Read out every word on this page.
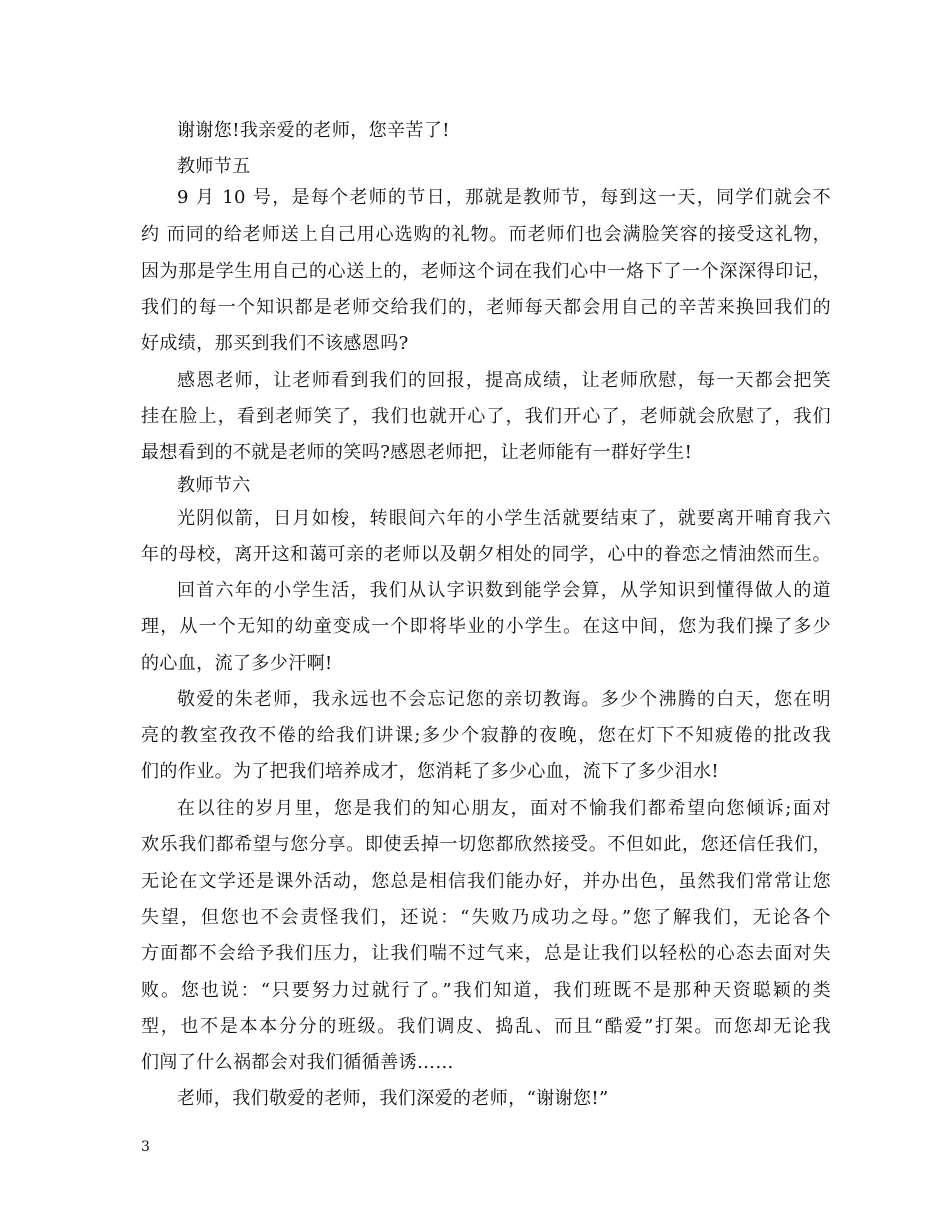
谢谢您!我亲爱的老师，您辛苦了!
教师节五
9 月 10 号，是每个老师的节日，那就是教师节，每到这一天，同学们就会不
约 而同的给老师送上自己用心选购的礼物。而老师们也会满脸笑容的接受这礼物，
因为那是学生用自己的心送上的，老师这个词在我们心中一烙下了一个深深得印记，
我们的每一个知识都是老师交给我们的，老师每天都会用自己的辛苦来换回我们的
好成绩，那买到我们不该感恩吗?
感恩老师，让老师看到我们的回报，提高成绩，让老师欣慰，每一天都会把笑
挂在脸上，看到老师笑了，我们也就开心了，我们开心了，老师就会欣慰了，我们
最想看到的不就是老师的笑吗?感恩老师把，让老师能有一群好学生!
教师节六
光阴似箭，日月如梭，转眼间六年的小学生活就要结束了，就要离开哺育我六
年的母校，离开这和蔼可亲的老师以及朝夕相处的同学，心中的眷恋之情油然而生。
回首六年的小学生活，我们从认字识数到能学会算，从学知识到懂得做人的道
理，从一个无知的幼童变成一个即将毕业的小学生。在这中间，您为我们操了多少
的心血，流了多少汗啊!
敬爱的朱老师，我永远也不会忘记您的亲切教诲。多少个沸腾的白天，您在明
亮的教室孜孜不倦的给我们讲课;多少个寂静的夜晚，您在灯下不知疲倦的批改我
们的作业。为了把我们培养成才，您消耗了多少心血，流下了多少泪水!
在以往的岁月里，您是我们的知心朋友，面对不愉我们都希望向您倾诉;面对
欢乐我们都希望与您分享。即使丢掉一切您都欣然接受。不但如此，您还信任我们，
无论在文学还是课外活动，您总是相信我们能办好，并办出色，虽然我们常常让您
失望，但您也不会责怪我们，还说：“失败乃成功之母。”您了解我们，无论各个
方面都不会给予我们压力，让我们喘不过气来，总是让我们以轻松的心态去面对失
败。您也说：“只要努力过就行了。”我们知道，我们班既不是那种天资聪颖的类
型，也不是本本分分的班级。我们调皮、捣乱、而且“酷爱”打架。而您却无论我
们闯了什么祸都会对我们循循善诱……
老师，我们敬爱的老师，我们深爱的老师，“谢谢您!”
3
